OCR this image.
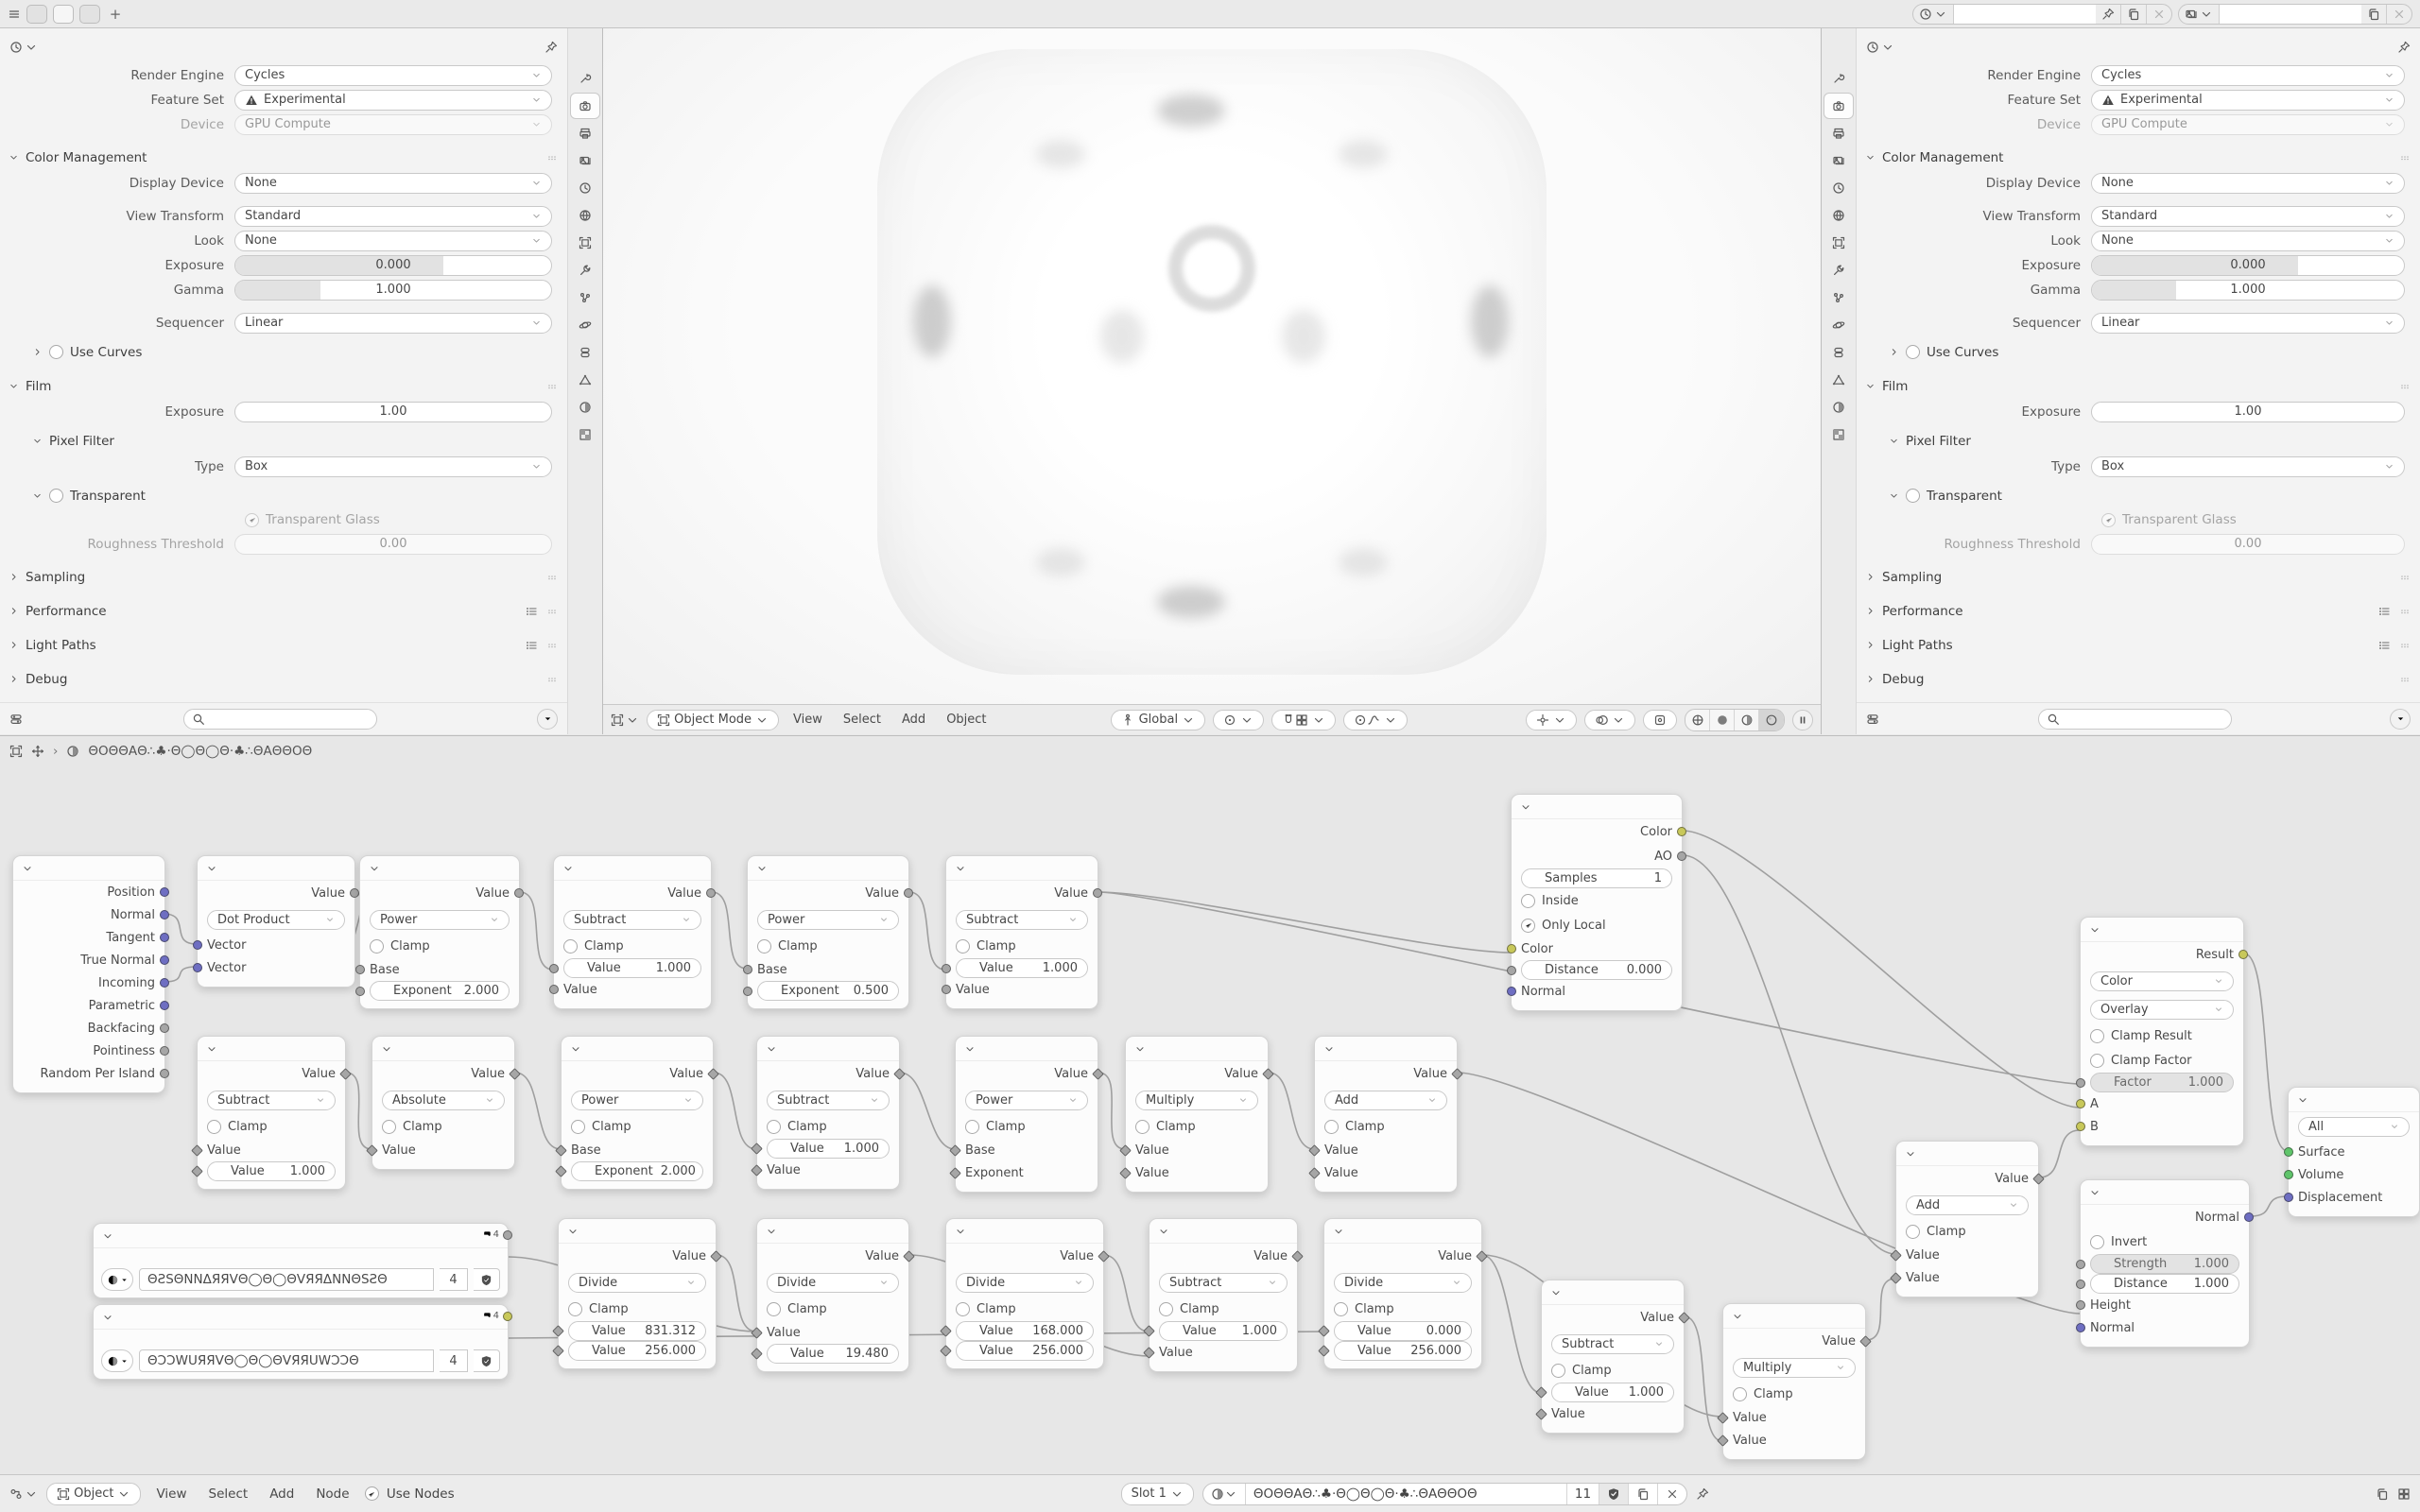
+
Render Engine	Cycles
Feature Set	Experimental
Device	GPU Compute
Color Management
Display Device	None
View Transform	Standard
Look	None
Exposure	0.000
Gamma	1.000
Sequencer	Linear
Use Curves
Film
Exposure	1.00
Pixel Filter
Type	Box
Transparent
Transparent Glass
Roughness Threshold	0.00
Sampling
Performance
Light Paths
Debug

Object Mode	View	Select	Add	Object
	Global
Render Engine	Cycles
Feature Set	Experimental
Device	GPU Compute
Color Management
Display Device	None
View Transform	Standard
Look	None
Exposure	0.000
Gamma	1.000
Sequencer	Linear
Use Curves
Film
Exposure	1.00
Pixel Filter
Type	Box
Transparent
Transparent Glass
Roughness Threshold	0.00
Sampling
Performance
Light Paths
Debug
Position
Normal
Tangent
True Normal
Incoming
Parametric
Backfacing
Pointiness
Random Per Island
Value
Dot Product
Vector
Vector
Value
Power
Clamp
Base
Exponent	2.000
Value
Subtract
Clamp
Value	1.000
Value
Value
Power
Clamp
Base
Exponent	0.500
Value
Subtract
Clamp
Value	1.000
Value
Color
AO
Samples	1
Inside
Only Local
Color
Distance	0.000
Normal
Value
Subtract
Clamp
Value
Value	1.000
Value
Absolute
Clamp
Value
Value
Power
Clamp
Base
Exponent 2.000
Value
Subtract
Clamp
Value	1.000
Value
Value
Power
Clamp
Base
Exponent
Value
Multiply
Clamp
Value
Value
Value
Add
Clamp
Value
Value
4
ΘƧSΘΝΝΔЯЯVΘ◯Θ◯ΘVЯЯΔΝΝΘSƧΘ	4
4
ΘƆƆWUЯЯVΘ◯Θ◯ΘVЯЯUWƆƆΘ	4
Value
Divide
Clamp
Value	831.312
Value	256.000
Value
Divide
Clamp
Value
Value	19.480
Value
Divide
Clamp
Value	168.000
Value	256.000
Value
Subtract
Clamp
Value	1.000
Value
Value
Divide
Clamp
Value	0.000
Value	256.000
Value
Subtract
Clamp
Value	1.000
Value
Value
Multiply
Clamp
Value
Value
Value
Add
Clamp
Value
Value
Result
Color
Overlay
Clamp Result
Clamp Factor
Factor	1.000
A
B
Normal
Invert
Strength	1.000
Distance	1.000
Height
Normal
All
Surface
Volume
Displacement
› ΘΟΘΘAΘ∴♣·Θ◯Θ◯Θ·♣∴ΘAΘΘΟΘ

Object	View	Select	Add	Node
	Use Nodes	Slot 1	ΘΟΘΘAΘ∴♣·Θ◯Θ◯Θ·♣∴ΘAΘΘΟΘ	11
